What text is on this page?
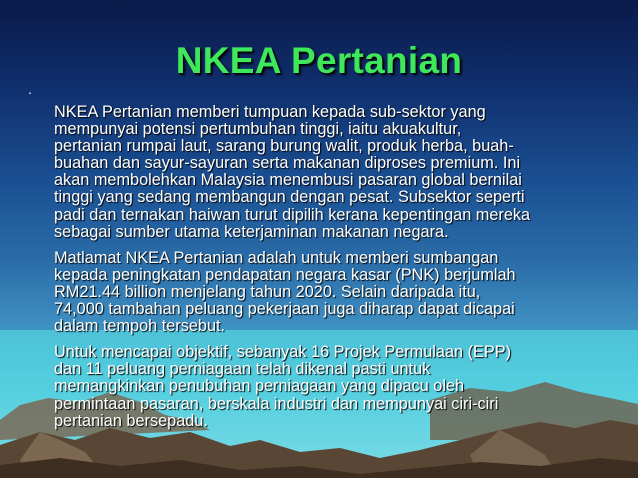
NKEA Pertanian
.
NKEA Pertanian memberi tumpuan kepada sub-sektor yang
mempunyai potensi pertumbuhan tinggi, iaitu akuakultur,
pertanian rumpai laut, sarang burung walit, produk herba, buah-
buahan dan sayur-sayuran serta makanan diproses premium. Ini
akan membolehkan Malaysia menembusi pasaran global bernilai
tinggi yang sedang membangun dengan pesat. Subsektor seperti
padi dan ternakan haiwan turut dipilih kerana kepentingan mereka
sebagai sumber utama keterjaminan makanan negara.
Matlamat NKEA Pertanian adalah untuk memberi sumbangan
kepada peningkatan pendapatan negara kasar (PNK) berjumlah
RM21.44 billion menjelang tahun 2020. Selain daripada itu,
74,000 tambahan peluang pekerjaan juga diharap dapat dicapai
dalam tempoh tersebut.
Untuk mencapai objektif, sebanyak 16 Projek Permulaan (EPP)
dan 11 peluang perniagaan telah dikenal pasti untuk
memangkinkan penubuhan perniagaan yang dipacu oleh
permintaan pasaran, berskala industri dan mempunyai ciri-ciri
pertanian bersepadu.
